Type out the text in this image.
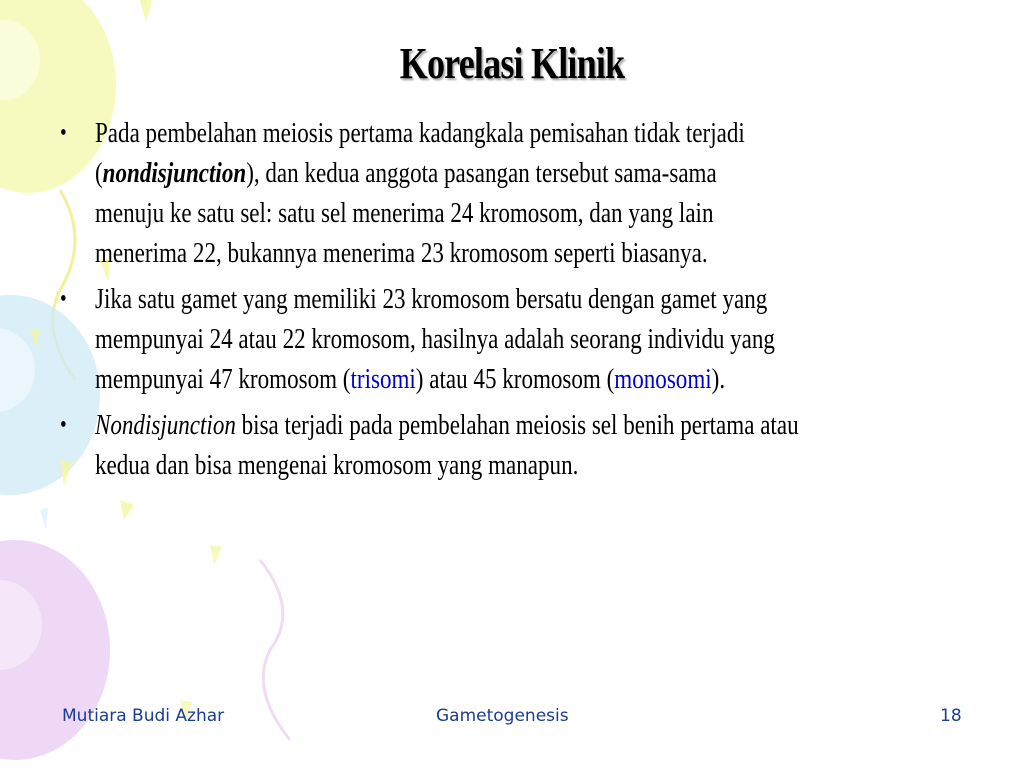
Korelasi Klinik
• Pada pembelahan meiosis pertama kadangkala pemisahan tidak terjadi
(nondisjunction), dan kedua anggota pasangan tersebut sama-sama
menuju ke satu sel: satu sel menerima 24 kromosom, dan yang lain
menerima 22, bukannya menerima 23 kromosom seperti biasanya.
• Jika satu gamet yang memiliki 23 kromosom bersatu dengan gamet yang
mempunyai 24 atau 22 kromosom, hasilnya adalah seorang individu yang
mempunyai 47 kromosom (trisomi) atau 45 kromosom (monosomi).
• Nondisjunction bisa terjadi pada pembelahan meiosis sel benih pertama atau
kedua dan bisa mengenai kromosom yang manapun.
Mutiara Budi Azhar	Gametogenesis	18
